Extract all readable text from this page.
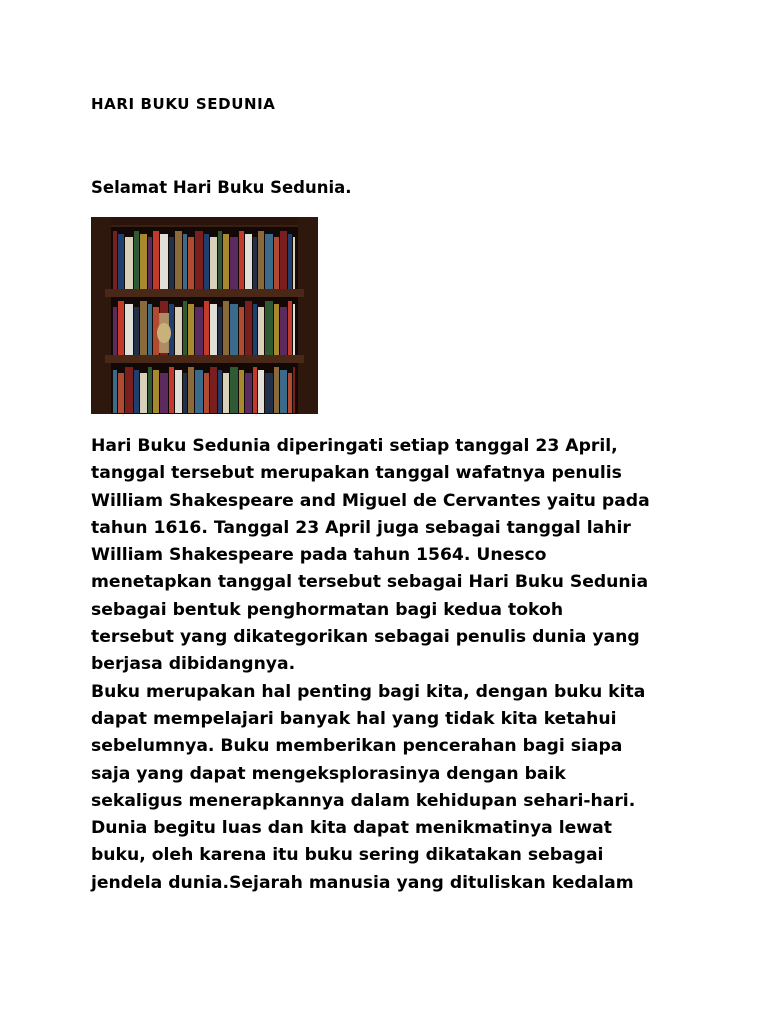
HARI BUKU SEDUNIA

Selamat Hari Buku Sedunia.

Hari Buku Sedunia diperingati setiap tanggal 23 April,
tanggal tersebut merupakan tanggal wafatnya penulis
William Shakespeare and Miguel de Cervantes yaitu pada
tahun 1616. Tanggal 23 April juga sebagai tanggal lahir
William Shakespeare pada tahun 1564. Unesco
menetapkan tanggal tersebut sebagai Hari Buku Sedunia
sebagai bentuk penghormatan bagi kedua tokoh
tersebut yang dikategorikan sebagai penulis dunia yang
berjasa dibidangnya.
Buku merupakan hal penting bagi kita, dengan buku kita
dapat mempelajari banyak hal yang tidak kita ketahui
sebelumnya. Buku memberikan pencerahan bagi siapa
saja yang dapat mengeksplorasinya dengan baik
sekaligus menerapkannya dalam kehidupan sehari-hari.
Dunia begitu luas dan kita dapat menikmatinya lewat
buku, oleh karena itu buku sering dikatakan sebagai
jendela dunia.Sejarah manusia yang dituliskan kedalam
